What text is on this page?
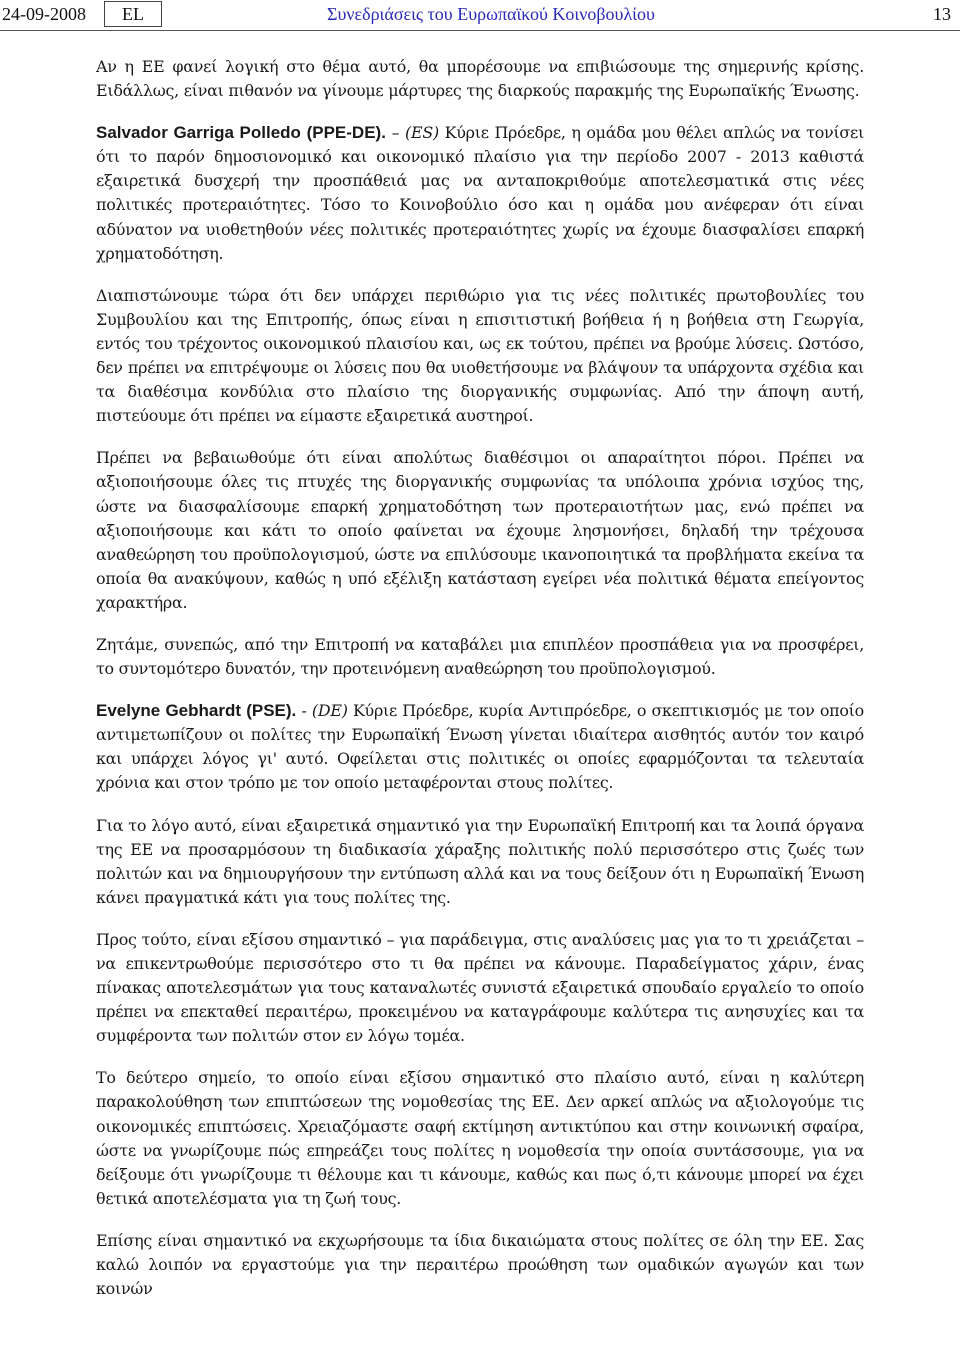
24-09-2008	EL	Συνεδριάσεις του Ευρωπαϊκού Κοινοβουλίου	13

Αν η ΕΕ φανεί λογική στο θέμα αυτό, θα μπορέσουμε να επιβιώσουμε της σημερινής κρίσης. Ειδάλλως, είναι πιθανόν να γίνουμε μάρτυρες της διαρκούς παρακμής της Ευρωπαϊκής Ένωσης.

Salvador Garriga Polledo (PPE-DE). – (ES) Κύριε Πρόεδρε, η ομάδα μου θέλει απλώς να τονίσει ότι το παρόν δημοσιονομικό και οικονομικό πλαίσιο για την περίοδο 2007 - 2013 καθιστά εξαιρετικά δυσχερή την προσπάθειά μας να ανταποκριθούμε αποτελεσματικά στις νέες πολιτικές προτεραιότητες. Τόσο το Κοινοβούλιο όσο και η ομάδα μου ανέφεραν ότι είναι αδύνατον να υιοθετηθούν νέες πολιτικές προτεραιότητες χωρίς να έχουμε διασφαλίσει επαρκή χρηματοδότηση.

Διαπιστώνουμε τώρα ότι δεν υπάρχει περιθώριο για τις νέες πολιτικές πρωτοβουλίες του Συμβουλίου και της Επιτροπής, όπως είναι η επισιτιστική βοήθεια ή η βοήθεια στη Γεωργία, εντός του τρέχοντος οικονομικού πλαισίου και, ως εκ τούτου, πρέπει να βρούμε λύσεις. Ωστόσο, δεν πρέπει να επιτρέψουμε οι λύσεις που θα υιοθετήσουμε να βλάψουν τα υπάρχοντα σχέδια και τα διαθέσιμα κονδύλια στο πλαίσιο της διοργανικής συμφωνίας. Από την άποψη αυτή, πιστεύουμε ότι πρέπει να είμαστε εξαιρετικά αυστηροί.

Πρέπει να βεβαιωθούμε ότι είναι απολύτως διαθέσιμοι οι απαραίτητοι πόροι. Πρέπει να αξιοποιήσουμε όλες τις πτυχές της διοργανικής συμφωνίας τα υπόλοιπα χρόνια ισχύος της, ώστε να διασφαλίσουμε επαρκή χρηματοδότηση των προτεραιοτήτων μας, ενώ πρέπει να αξιοποιήσουμε και κάτι το οποίο φαίνεται να έχουμε λησμονήσει, δηλαδή την τρέχουσα αναθεώρηση του προϋπολογισμού, ώστε να επιλύσουμε ικανοποιητικά τα προβλήματα εκείνα τα οποία θα ανακύψουν, καθώς η υπό εξέλιξη κατάσταση εγείρει νέα πολιτικά θέματα επείγοντος χαρακτήρα.

Ζητάμε, συνεπώς, από την Επιτροπή να καταβάλει μια επιπλέον προσπάθεια για να προσφέρει, το συντομότερο δυνατόν, την προτεινόμενη αναθεώρηση του προϋπολογισμού.

Evelyne Gebhardt (PSE). - (DE) Κύριε Πρόεδρε, κυρία Αντιπρόεδρε, ο σκεπτικισμός με τον οποίο αντιμετωπίζουν οι πολίτες την Ευρωπαϊκή Ένωση γίνεται ιδιαίτερα αισθητός αυτόν τον καιρό και υπάρχει λόγος γι' αυτό. Οφείλεται στις πολιτικές οι οποίες εφαρμόζονται τα τελευταία χρόνια και στον τρόπο με τον οποίο μεταφέρονται στους πολίτες.

Για το λόγο αυτό, είναι εξαιρετικά σημαντικό για την Ευρωπαϊκή Επιτροπή και τα λοιπά όργανα της ΕΕ να προσαρμόσουν τη διαδικασία χάραξης πολιτικής πολύ περισσότερο στις ζωές των πολιτών και να δημιουργήσουν την εντύπωση αλλά και να τους δείξουν ότι η Ευρωπαϊκή Ένωση κάνει πραγματικά κάτι για τους πολίτες της.

Προς τούτο, είναι εξίσου σημαντικό – για παράδειγμα, στις αναλύσεις μας για το τι χρειάζεται – να επικεντρωθούμε περισσότερο στο τι θα πρέπει να κάνουμε. Παραδείγματος χάριν, ένας πίνακας αποτελεσμάτων για τους καταναλωτές συνιστά εξαιρετικά σπουδαίο εργαλείο το οποίο πρέπει να επεκταθεί περαιτέρω, προκειμένου να καταγράφουμε καλύτερα τις ανησυχίες και τα συμφέροντα των πολιτών στον εν λόγω τομέα.

Το δεύτερο σημείο, το οποίο είναι εξίσου σημαντικό στο πλαίσιο αυτό, είναι η καλύτερη παρακολούθηση των επιπτώσεων της νομοθεσίας της ΕΕ. Δεν αρκεί απλώς να αξιολογούμε τις οικονομικές επιπτώσεις. Χρειαζόμαστε σαφή εκτίμηση αντικτύπου και στην κοινωνική σφαίρα, ώστε να γνωρίζουμε πώς επηρεάζει τους πολίτες η νομοθεσία την οποία συντάσσουμε, για να δείξουμε ότι γνωρίζουμε τι θέλουμε και τι κάνουμε, καθώς και πως ό,τι κάνουμε μπορεί να έχει θετικά αποτελέσματα για τη ζωή τους.

Επίσης είναι σημαντικό να εκχωρήσουμε τα ίδια δικαιώματα στους πολίτες σε όλη την ΕΕ. Σας καλώ λοιπόν να εργαστούμε για την περαιτέρω προώθηση των ομαδικών αγωγών και των κοινών
